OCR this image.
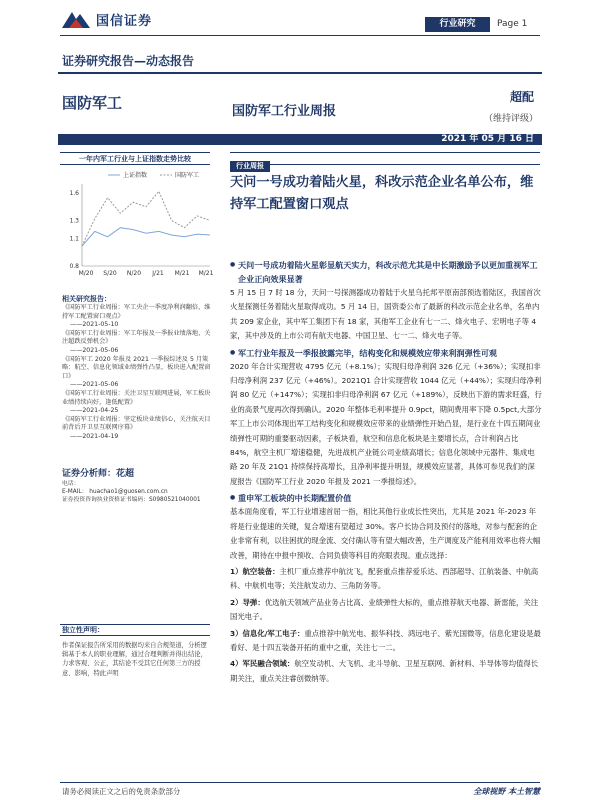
国信证券	行业研究	Page 1
证券研究报告—动态报告
国防军工	国防军工行业周报
超配
（维持评级）
2021 年 05 月 16 日
一年内军工行业与上证指数走势比较
1.6
1.3
1.1
0.8
M/20 S/20 N/20 J/21 M/21 M/21
上证指数	国防军工
相关研究报告：
《国防军工行业周报：军工央企一季度净利润翻倍，维持军工配置窗口观点》
——2021-05-10
《国防军工行业周报：军工年报及一季报业绩落地，关注超跌反弹机会》
——2021-05-06
《国防军工 2020 年报及 2021 一季报综述及 5 月策略：航空、信息化领域业绩弹性凸显，板块进入配置窗口》
——2021-05-06
《国防军工行业周报：关注卫星互联网进展，军工板块业绩持续向好，逢低配置》
——2021-04-25
《国防军工行业周报：坚定板块业绩信心，关注航天目前背后开卫星互联网序幕》
——2021-04-19
证券分析师：花超
电话：
E-MAIL： huachao1@guosen.com.cn
证券投资咨询执业资格证书编码：S0980521040001
独立性声明：
作者保证报告所采用的数据均来自合规渠道，分析逻辑基于本人的职业理解，通过合理判断并得出结论，力求客观、公正，其结论不受其它任何第三方的授意、影响，特此声明
行业周报
天问一号成功着陆火星，科改示范企业名单公布，维持军工配置窗口观点
● 天问一号成功着陆火星彰显航天实力，科改示范尤其是中长期激励予以更加重视军工企业正向效果显著
5 月 15 日 7 时 18 分，天问一号探测器成功着陆于火星乌托邦平原南部预选着陆区，我国首次火星探测任务着陆火星取得成功。5 月 14 日，国资委公布了最新的科改示范企业名单，名单内共 209 家企业，其中军工集团下有 18 家，其他军工企业有七一二、烽火电子、宏明电子等 4 家，其中涉及的上市公司有航天电器、中国卫星、七一二、烽火电子等。
● 军工行业年报及一季报披露完毕，结构变化和规模效应带来利润弹性可观
2020 年合计实现营收 4795 亿元（+8.1%）；实现归母净利润 326 亿元（+36%）；实现扣非归母净利润 237 亿元（+46%）。2021Q1 合计实现营收 1044 亿元（+44%）；实现归母净利润 80 亿元（+147%）；实现扣非归母净利润 67 亿元（+189%），反映出下游的需求旺盛，行业的高景气度再次得到确认。2020 年整体毛利率提升 0.9pct，期间费用率下降 0.5pct,大部分军工上市公司体现出军工结构变化和规模效应带来的业绩弹性开始凸显，是行业在十四五期间业绩弹性可期的重要驱动因素，子板块看，航空和信息化板块是主要增长点，合计利润占比 84%，航空主机厂增速稳健，先进战机产业链公司业绩高增长；信息化领域中元器件、集成电路 20 年及 21Q1 持续保持高增长，且净利率提升明显，规模效应显著，具体可参见我们的深度报告《国防军工行业 2020 年报及 2021 一季报综述》。
● 重申军工板块的中长期配置价值
基本面角度看，军工行业增速首屈一指，相比其他行业成长性突出，尤其是 2021 年-2023 年将是行业提速的关键，复合增速有望超过 30%。客户长协合同及预付的落地，对参与配套的企业非常有利，以往困扰的现金流、交付确认等有望大幅改善，生产调度及产能利用效率也将大幅改善，期待在中报中预收、合同负债等科目的亮眼表现。重点选择：
1）航空装备：主机厂重点推荐中航沈飞，配套重点推荐爱乐达、西部超导、江航装备、中航高科、中航机电等；关注航发动力、三角防务等。
2）导弹：优选航天领域产品业务占比高、业绩弹性大标的，重点推荐航天电器、新雷能，关注国光电子。
3）信息化/军工电子：重点推荐中航光电、振华科技、鸿远电子、紫光国微等，信息化建设是最看好、是十四五装备开拓的重中之重，关注七一二。
4）军民融合领域：航空发动机、大飞机、北斗导航、卫星互联网、新材料、半导体等均值得长期关注，重点关注睿创微纳等。
请务必阅读正文之后的免责条款部分	全球视野 本土智慧
